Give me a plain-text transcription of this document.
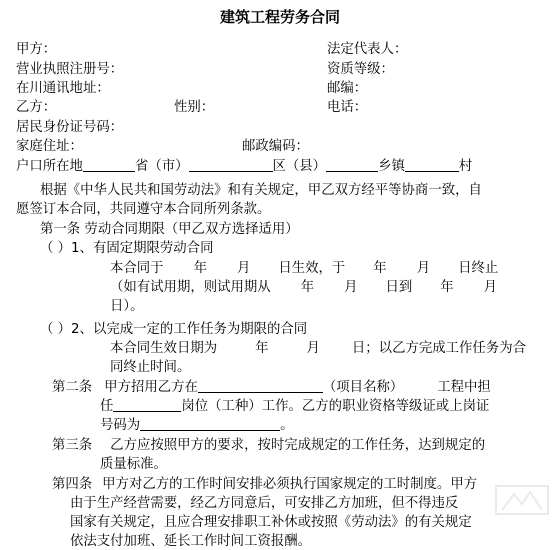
建筑工程劳务合同
甲方：	法定代表人：
营业执照注册号：	资质等级：
在川通讯地址：	邮编：
乙方：	性别：	电话：
居民身份证号码：
家庭住址：	邮政编码：
户口所在地	省（市）	区（县）	乡镇	村
根据《中华人民共和国劳动法》和有关规定，甲乙双方经平等协商一致，自
愿签订本合同，共同遵守本合同所列条款。
第一条 劳动合同期限（甲乙双方选择适用）
（ ）1、有固定期限劳动合同
本合同于 年 月 日生效，于 年 月 日终止
（如有试用期，则试用期从 年 月 日到 年 月
日）。
（ ）2、以完成一定的工作任务为期限的合同
本合同生效日期为	年	月 日；以乙方完成工作任务为合
同终止时间。
第二条 甲方招用乙方在	（项目名称）	工程中担
任	岗位（工种）工作。乙方的职业资格等级证或上岗证
号码为	。
第三条 乙方应按照甲方的要求，按时完成规定的工作任务，达到规定的
质量标准。
第四条 甲方对乙方的工作时间安排必须执行国家规定的工时制度。甲方
由于生产经营需要，经乙方同意后，可安排乙方加班，但不得违反
国家有关规定，且应合理安排职工补休或按照《劳动法》的有关规定
依法支付加班、延长工作时间工资报酬。
